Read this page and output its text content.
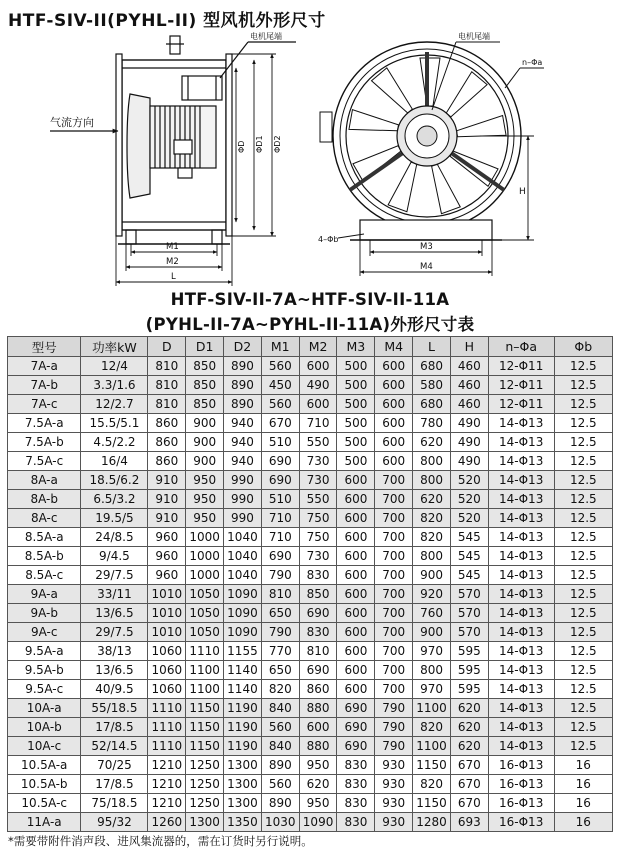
HTF-SIV-II(PYHL-II) 型风机外形尺寸
电机尾端
气流方向
ΦD ΦD1 ΦD2
M1
M2
L
电机尾端
n–Φa
H
M3
M4
4–Φb
HTF-SIV-II-7A~HTF-SIV-II-11A
(PYHL-II-7A~PYHL-II-11A)外形尺寸表
型号	功率kW	D	D1	D2	M1	M2	M3	M4	L	H	n–Φa	Φb
7A-a	12/4	810	850	890	560	600	500	600	680	460	12-Φ11	12.5
7A-b	3.3/1.6	810	850	890	450	490	500	600	580	460	12-Φ11	12.5
7A-c	12/2.7	810	850	890	560	600	500	600	680	460	12-Φ11	12.5
7.5A-a	15.5/5.1	860	900	940	670	710	500	600	780	490	14-Φ13	12.5
7.5A-b	4.5/2.2	860	900	940	510	550	500	600	620	490	14-Φ13	12.5
7.5A-c	16/4	860	900	940	690	730	500	600	800	490	14-Φ13	12.5
8A-a	18.5/6.2	910	950	990	690	730	600	700	800	520	14-Φ13	12.5
8A-b	6.5/3.2	910	950	990	510	550	600	700	620	520	14-Φ13	12.5
8A-c	19.5/5	910	950	990	710	750	600	700	820	520	14-Φ13	12.5
8.5A-a	24/8.5	960	1000	1040	710	750	600	700	820	545	14-Φ13	12.5
8.5A-b	9/4.5	960	1000	1040	690	730	600	700	800	545	14-Φ13	12.5
8.5A-c	29/7.5	960	1000	1040	790	830	600	700	900	545	14-Φ13	12.5
9A-a	33/11	1010	1050	1090	810	850	600	700	920	570	14-Φ13	12.5
9A-b	13/6.5	1010	1050	1090	650	690	600	700	760	570	14-Φ13	12.5
9A-c	29/7.5	1010	1050	1090	790	830	600	700	900	570	14-Φ13	12.5
9.5A-a	38/13	1060	1110	1155	770	810	600	700	970	595	14-Φ13	12.5
9.5A-b	13/6.5	1060	1100	1140	650	690	600	700	800	595	14-Φ13	12.5
9.5A-c	40/9.5	1060	1100	1140	820	860	600	700	970	595	14-Φ13	12.5
10A-a	55/18.5	1110	1150	1190	840	880	690	790	1100	620	14-Φ13	12.5
10A-b	17/8.5	1110	1150	1190	560	600	690	790	820	620	14-Φ13	12.5
10A-c	52/14.5	1110	1150	1190	840	880	690	790	1100	620	14-Φ13	12.5
10.5A-a	70/25	1210	1250	1300	890	950	830	930	1150	670	16-Φ13	16
10.5A-b	17/8.5	1210	1250	1300	560	620	830	930	820	670	16-Φ13	16
10.5A-c	75/18.5	1210	1250	1300	890	950	830	930	1150	670	16-Φ13	16
11A-a	95/32	1260	1300	1350	1030	1090	830	930	1280	693	16-Φ13	16
*需要带附件消声段、进风集流器的，需在订货时另行说明。
